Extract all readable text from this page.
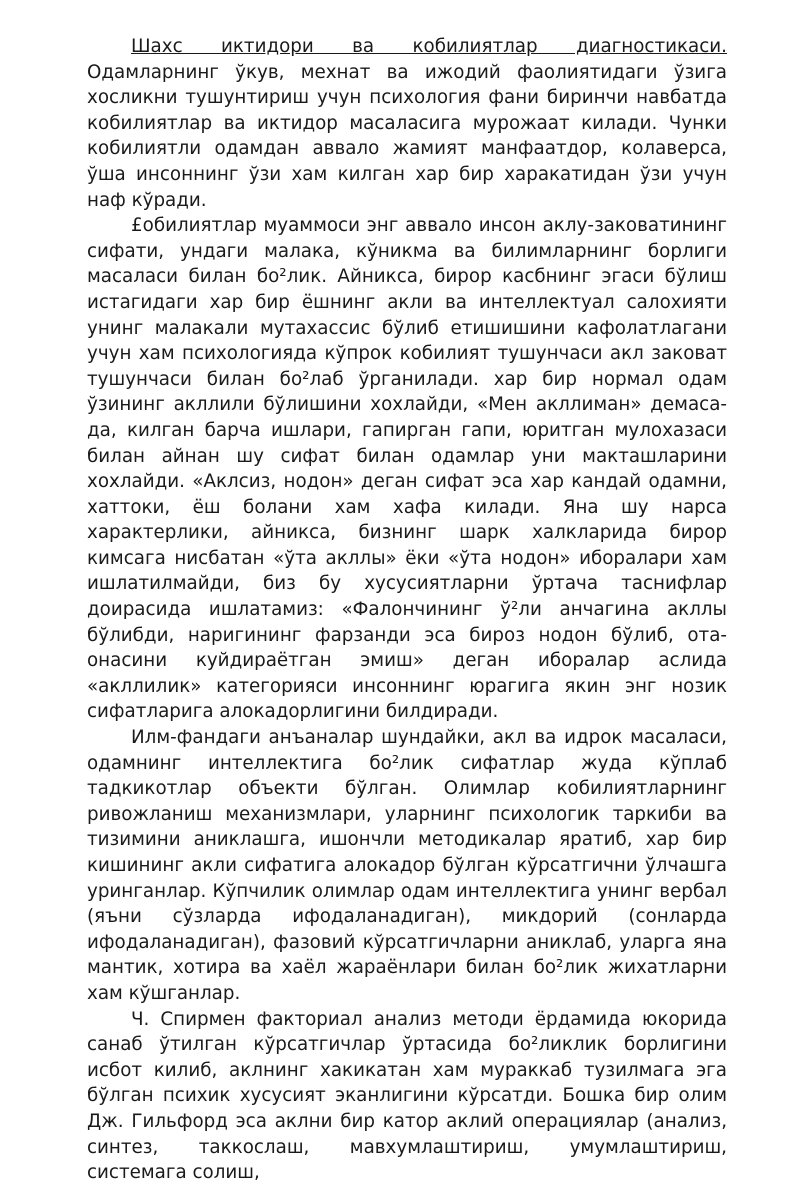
Шахс иктидори ва кобилиятлар диагностикаси. Одамларнинг ўкув, мехнат ва ижодий фаолиятидаги ўзига хосликни тушунтириш учун психология фани биринчи навбатда кобилиятлар ва иктидор масаласига мурожаат килади. Чунки кобилиятли одамдан аввало жамият манфаатдор, колаверса, ўша инсоннинг ўзи хам килган хар бир харакатидан ўзи учун наф кўради.

£обилиятлар муаммоси энг аввало инсон аклу-заковатининг сифати, ундаги малака, кўникма ва билимларнинг борлиги масаласи билан бо²лик. Айникса, бирор касбнинг эгаси бўлиш истагидаги хар бир ёшнинг акли ва интеллектуал салохияти унинг малакали мутахассис бўлиб етишишини кафолатлагани учун хам психологияда кўпрок кобилият тушунчаси акл заковат тушунчаси билан бо²лаб ўрганилади. хар бир нормал одам ўзининг акллили бўлишини хохлайди, «Мен акллиман» демаса-да, килган барча ишлари, гапирган гапи, юритган мулохазаси билан айнан шу сифат билан одамлар уни макташларини хохлайди. «Аклсиз, нодон» деган сифат эса хар кандай одамни, хаттоки, ёш болани хам хафа килади. Яна шу нарса характерлики, айникса, бизнинг шарк халкларида бирор кимсага нисбатан «ўта акллы» ёки «ўта нодон» иборалари хам ишлатилмайди, биз бу хусусиятларни ўртача таснифлар доирасида ишлатамиз: «Фалончининг ў²ли анчагина акллы бўлибди, наригининг фарзанди эса бироз нодон бўлиб, ота-онасини куйдираётган эмиш» деган иборалар аслида «акллилик» категорияси инсоннинг юрагига якин энг нозик сифатларига алокадорлигини билдиради.

Илм-фандаги анъаналар шундайки, акл ва идрок масаласи, одамнинг интеллектига бо²лик сифатлар жуда кўплаб тадкикотлар объекти бўлган. Олимлар кобилиятларнинг ривожланиш механизмлари, уларнинг психологик таркиби ва тизимини аниклашга, ишончли методикалар яратиб, хар бир кишининг акли сифатига алокадор бўлган кўрсатгични ўлчашга уринганлар. Кўпчилик олимлар одам интеллектига унинг вербал (яъни сўзларда ифодаланадиган), микдорий (сонларда ифодаланадиган), фазовий кўрсатгичларни аниклаб, уларга яна мантик, хотира ва хаёл жараёнлари билан бо²лик жихатларни хам кўшганлар.

Ч. Спирмен факториал анализ методи ёрдамида юкорида санаб ўтилган кўрсатгичлар ўртасида бо²ликлик борлигини исбот килиб, аклнинг хакикатан хам мураккаб тузилмага эга бўлган психик хусусият эканлигини кўрсатди. Бошка бир олим Дж. Гильфорд эса аклни бир катор аклий операциялар (анализ, синтез, таккослаш, мавхумлаштириш, умумлаштириш, системага солиш,
